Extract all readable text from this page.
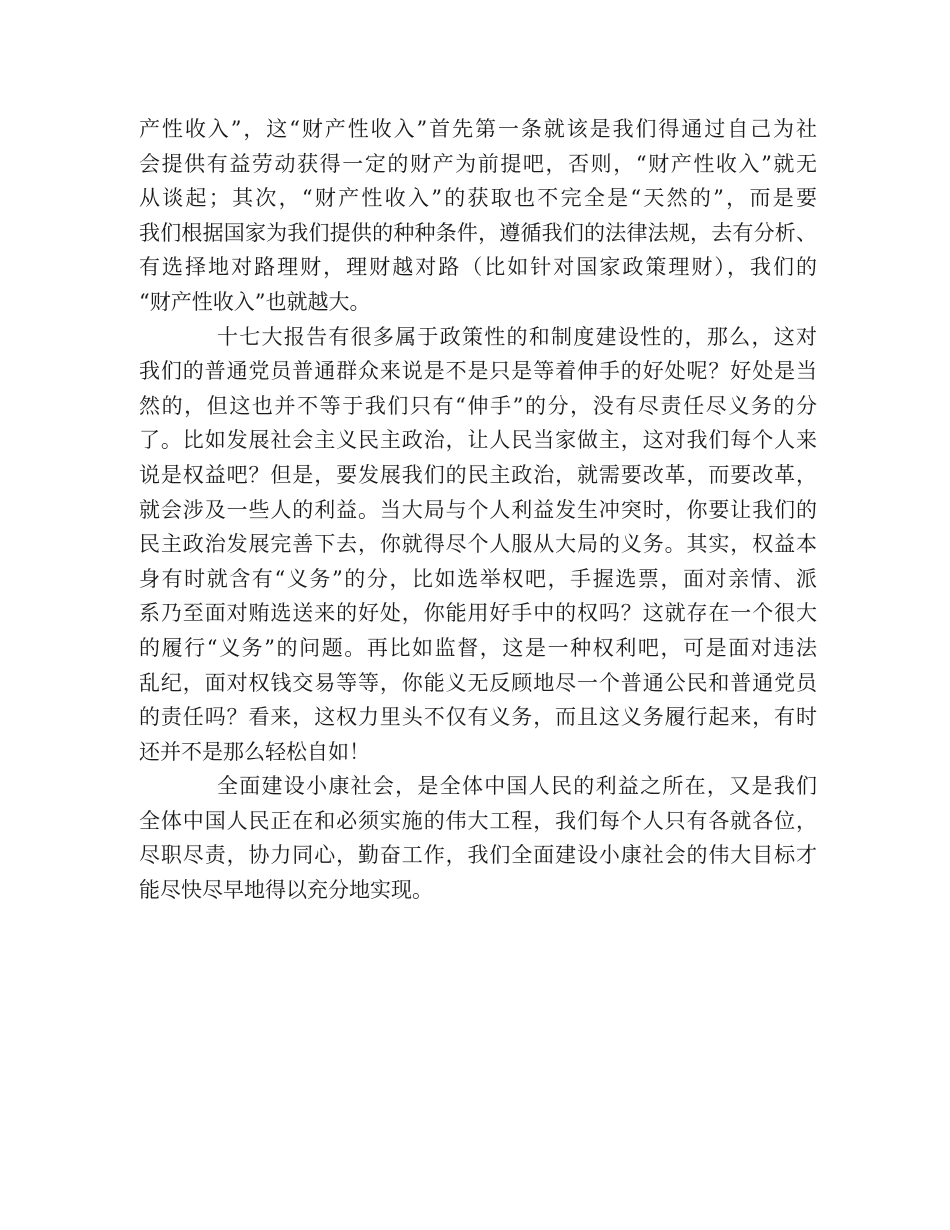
产性收入”，这“财产性收入”首先第一条就该是我们得通过自己为社
会提供有益劳动获得一定的财产为前提吧，否则，“财产性收入”就无
从谈起；其次，“财产性收入”的获取也不完全是“天然的”，而是要
我们根据国家为我们提供的种种条件，遵循我们的法律法规，去有分析、
有选择地对路理财，理财越对路（比如针对国家政策理财），我们的
“财产性收入”也就越大。
十七大报告有很多属于政策性的和制度建设性的，那么，这对
我们的普通党员普通群众来说是不是只是等着伸手的好处呢？好处是当
然的，但这也并不等于我们只有“伸手”的分，没有尽责任尽义务的分
了。比如发展社会主义民主政治，让人民当家做主，这对我们每个人来
说是权益吧？但是，要发展我们的民主政治，就需要改革，而要改革，
就会涉及一些人的利益。当大局与个人利益发生冲突时，你要让我们的
民主政治发展完善下去，你就得尽个人服从大局的义务。其实，权益本
身有时就含有“义务”的分，比如选举权吧，手握选票，面对亲情、派
系乃至面对贿选送来的好处，你能用好手中的权吗？这就存在一个很大
的履行“义务”的问题。再比如监督，这是一种权利吧，可是面对违法
乱纪，面对权钱交易等等，你能义无反顾地尽一个普通公民和普通党员
的责任吗？看来，这权力里头不仅有义务，而且这义务履行起来，有时
还并不是那么轻松自如！
全面建设小康社会，是全体中国人民的利益之所在，又是我们
全体中国人民正在和必须实施的伟大工程，我们每个人只有各就各位，
尽职尽责，协力同心，勤奋工作，我们全面建设小康社会的伟大目标才
能尽快尽早地得以充分地实现。
